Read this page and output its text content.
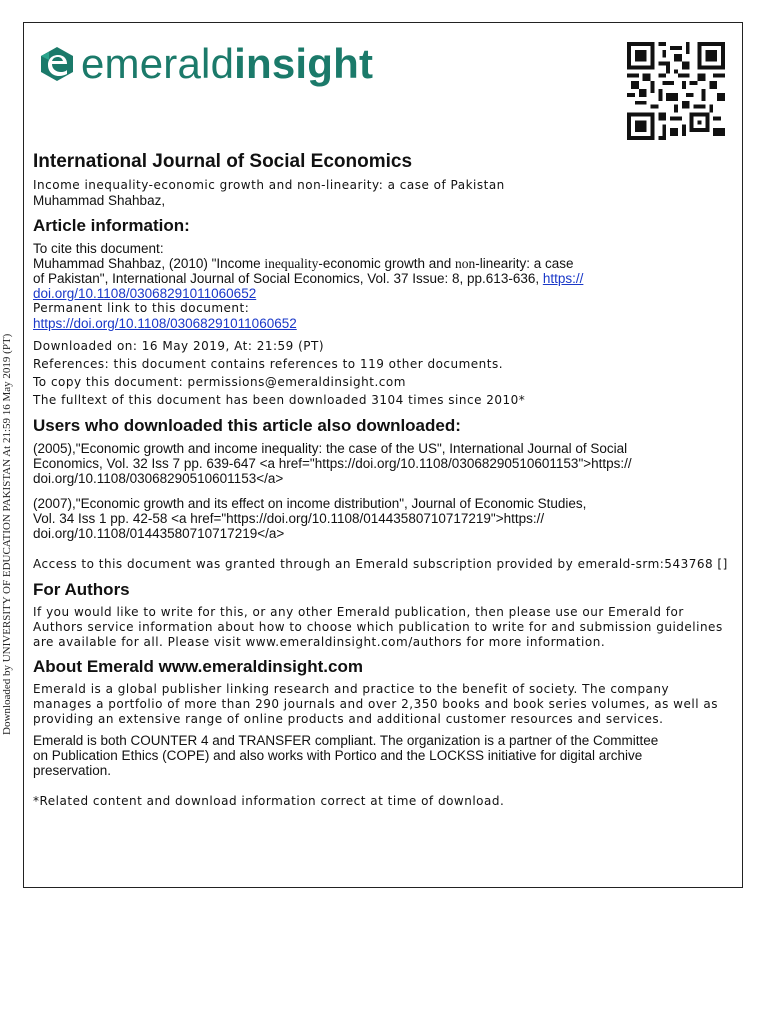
Downloaded by UNIVERSITY OF EDUCATION PAKISTAN At 21:59 16 May 2019 (PT)
emeraldinsight
International Journal of Social Economics
Income inequality-economic growth and non-linearity: a case of Pakistan
Muhammad Shahbaz,
Article information:
To cite this document:
Muhammad Shahbaz, (2010) "Income inequality-economic growth and non-linearity: a case
of Pakistan", International Journal of Social Economics, Vol. 37 Issue: 8, pp.613-636, https://
doi.org/10.1108/03068291011060652
Permanent link to this document:
https://doi.org/10.1108/03068291011060652
Downloaded on: 16 May 2019, At: 21:59 (PT)
References: this document contains references to 119 other documents.
To copy this document: permissions@emeraldinsight.com
The fulltext of this document has been downloaded 3104 times since 2010*
Users who downloaded this article also downloaded:
(2005),"Economic growth and income inequality: the case of the US", International Journal of Social
Economics, Vol. 32 Iss 7 pp. 639-647 <a href="https://doi.org/10.1108/03068290510601153">https://
doi.org/10.1108/03068290510601153</a>
(2007),"Economic growth and its effect on income distribution", Journal of Economic Studies,
Vol. 34 Iss 1 pp. 42-58 <a href="https://doi.org/10.1108/01443580710717219">https://
doi.org/10.1108/01443580710717219</a>
Access to this document was granted through an Emerald subscription provided by emerald-srm:543768 []
For Authors
If you would like to write for this, or any other Emerald publication, then please use our Emerald for
Authors service information about how to choose which publication to write for and submission guidelines
are available for all. Please visit www.emeraldinsight.com/authors for more information.
About Emerald www.emeraldinsight.com
Emerald is a global publisher linking research and practice to the benefit of society. The company
manages a portfolio of more than 290 journals and over 2,350 books and book series volumes, as well as
providing an extensive range of online products and additional customer resources and services.
Emerald is both COUNTER 4 and TRANSFER compliant. The organization is a partner of the Committee
on Publication Ethics (COPE) and also works with Portico and the LOCKSS initiative for digital archive
preservation.
*Related content and download information correct at time of download.
